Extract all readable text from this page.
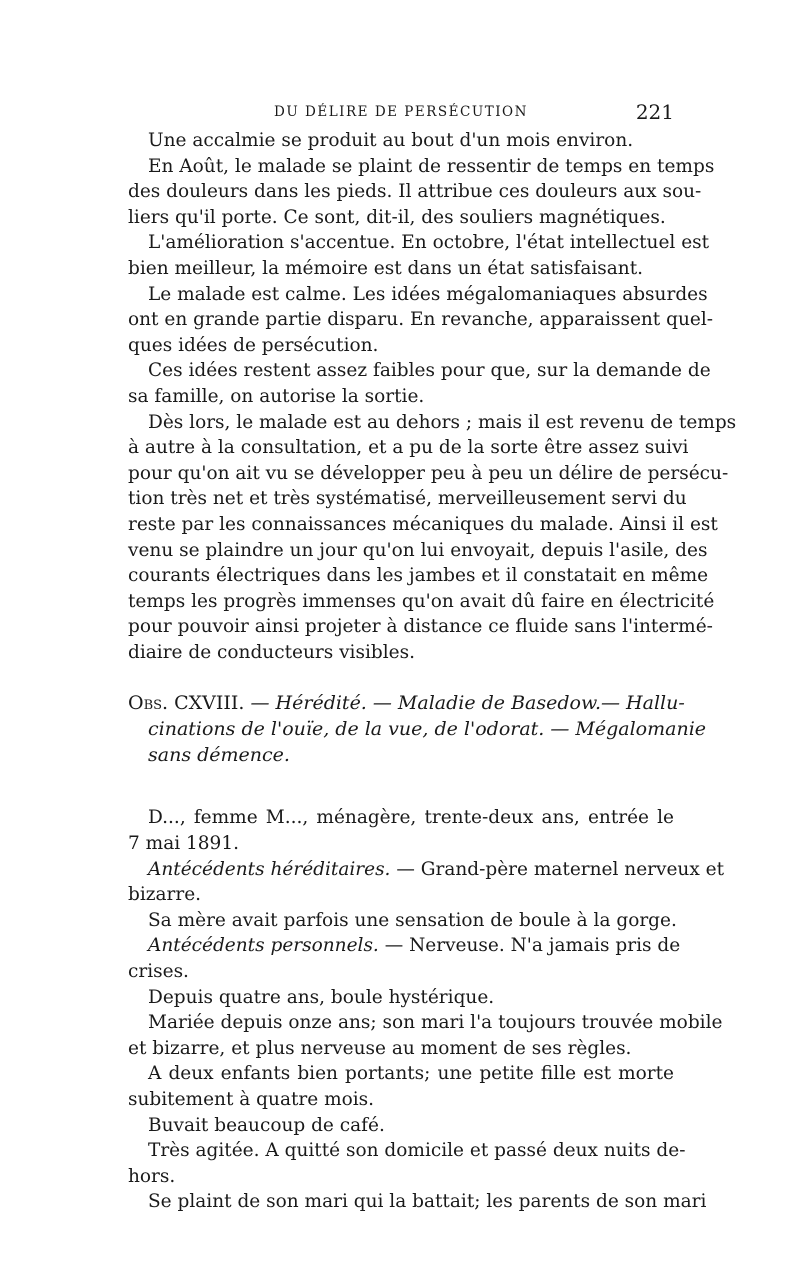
DU DÉLIRE DE PERSÉCUTION	221
Une accalmie se produit au bout d'un mois environ.
En Août, le malade se plaint de ressentir de temps en temps
des douleurs dans les pieds. Il attribue ces douleurs aux sou-
liers qu'il porte. Ce sont, dit-il, des souliers magnétiques.
L'amélioration s'accentue. En octobre, l'état intellectuel est
bien meilleur, la mémoire est dans un état satisfaisant.
Le malade est calme. Les idées mégalomaniaques absurdes
ont en grande partie disparu. En revanche, apparaissent quel-
ques idées de persécution.
Ces idées restent assez faibles pour que, sur la demande de
sa famille, on autorise la sortie.
Dès lors, le malade est au dehors ; mais il est revenu de temps
à autre à la consultation, et a pu de la sorte être assez suivi
pour qu'on ait vu se développer peu à peu un délire de persécu-
tion très net et très systématisé, merveilleusement servi du
reste par les connaissances mécaniques du malade. Ainsi il est
venu se plaindre un jour qu'on lui envoyait, depuis l'asile, des
courants électriques dans les jambes et il constatait en même
temps les progrès immenses qu'on avait dû faire en électricité
pour pouvoir ainsi projeter à distance ce fluide sans l'intermé-
diaire de conducteurs visibles.
Obs. CXVIII. — Hérédité. — Maladie de Basedow.— Hallu-
cinations de l'ouïe, de la vue, de l'odorat. — Mégalomanie
sans démence.
D..., femme M..., ménagère, trente-deux ans, entrée le
7 mai 1891.
Antécédents héréditaires. — Grand-père maternel nerveux et
bizarre.
Sa mère avait parfois une sensation de boule à la gorge.
Antécédents personnels. — Nerveuse. N'a jamais pris de
crises.
Depuis quatre ans, boule hystérique.
Mariée depuis onze ans; son mari l'a toujours trouvée mobile
et bizarre, et plus nerveuse au moment de ses règles.
A deux enfants bien portants; une petite fille est morte
subitement à quatre mois.
Buvait beaucoup de café.
Très agitée. A quitté son domicile et passé deux nuits de-
hors.
Se plaint de son mari qui la battait; les parents de son mari
